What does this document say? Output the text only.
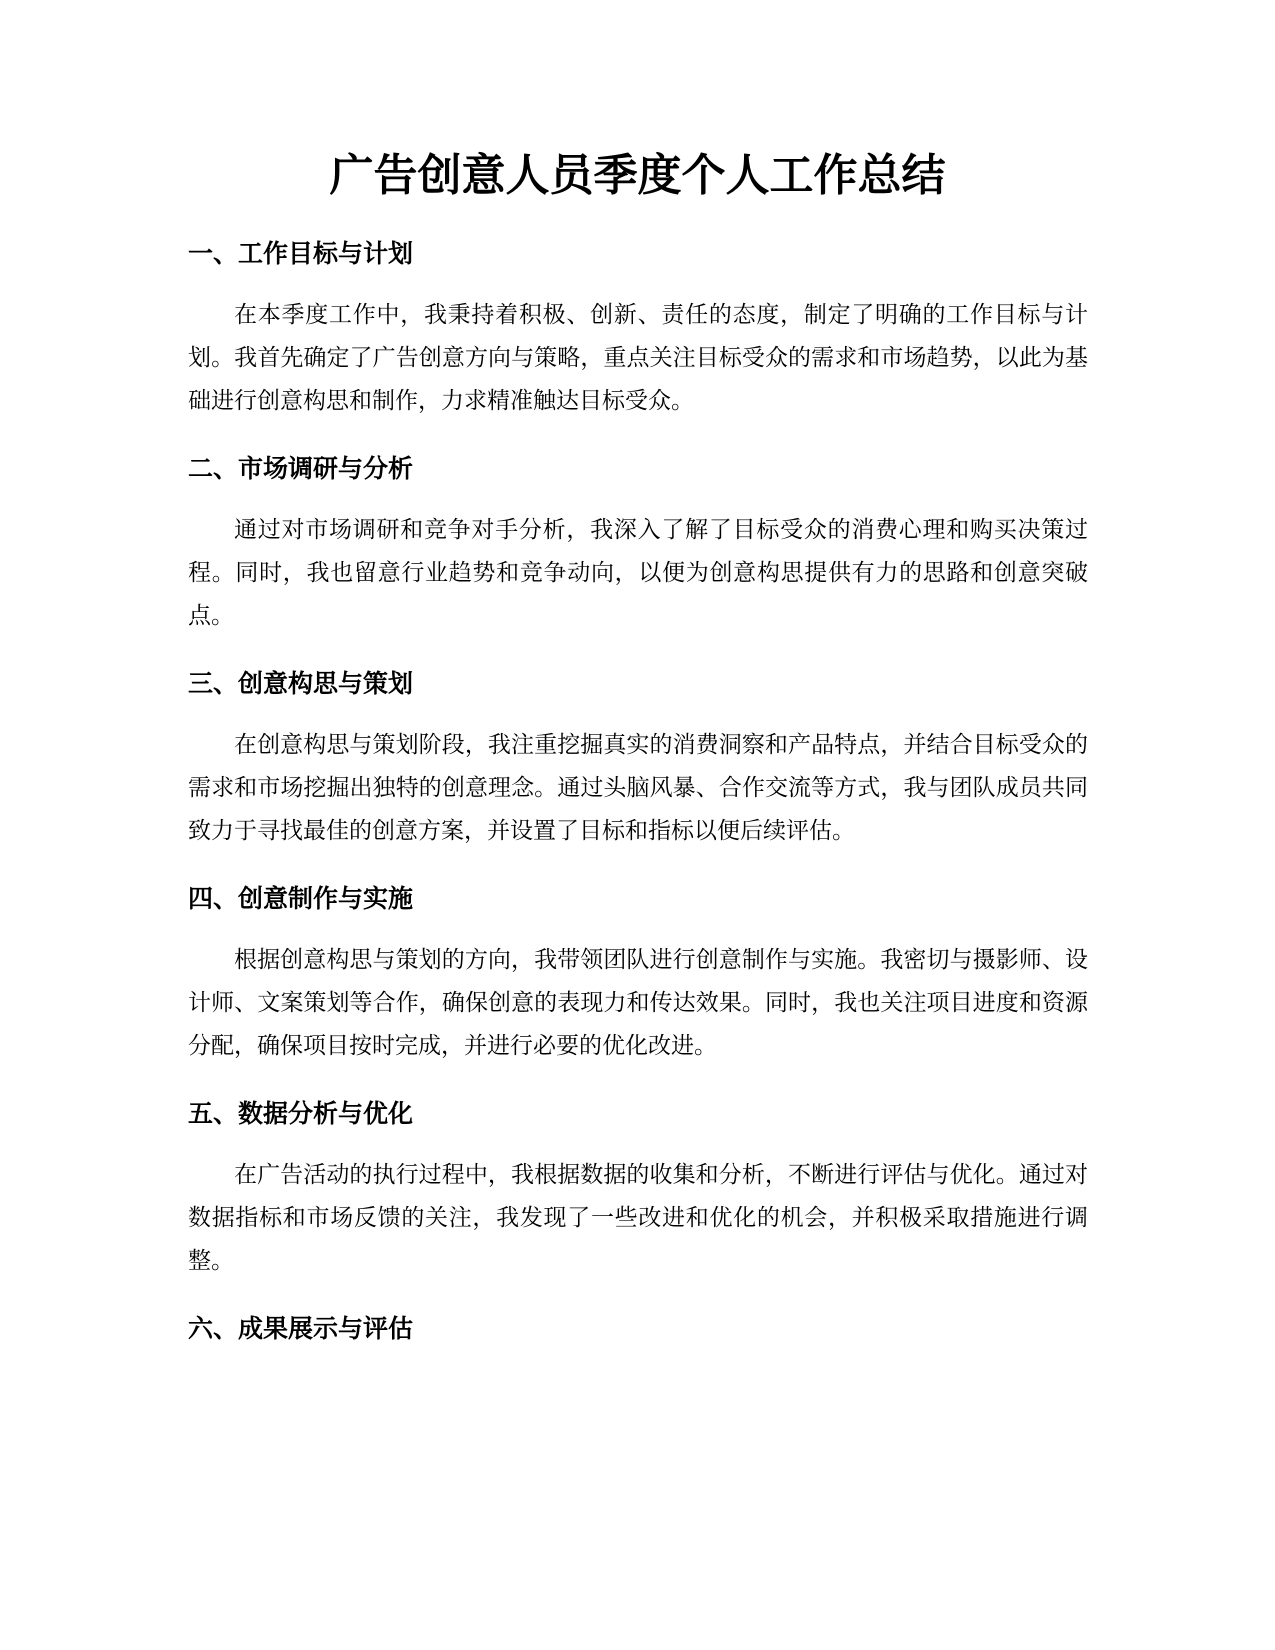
广告创意人员季度个人工作总结
一、工作目标与计划

在本季度工作中，我秉持着积极、创新、责任的态度，制定了明确的工作目标与计划。我首先确定了广告创意方向与策略，重点关注目标受众的需求和市场趋势，以此为基础进行创意构思和制作，力求精准触达目标受众。

二、市场调研与分析

通过对市场调研和竞争对手分析，我深入了解了目标受众的消费心理和购买决策过程。同时，我也留意行业趋势和竞争动向，以便为创意构思提供有力的思路和创意突破点。

三、创意构思与策划

在创意构思与策划阶段，我注重挖掘真实的消费洞察和产品特点，并结合目标受众的需求和市场挖掘出独特的创意理念。通过头脑风暴、合作交流等方式，我与团队成员共同致力于寻找最佳的创意方案，并设置了目标和指标以便后续评估。

四、创意制作与实施

根据创意构思与策划的方向，我带领团队进行创意制作与实施。我密切与摄影师、设计师、文案策划等合作，确保创意的表现力和传达效果。同时，我也关注项目进度和资源分配，确保项目按时完成，并进行必要的优化改进。

五、数据分析与优化

在广告活动的执行过程中，我根据数据的收集和分析，不断进行评估与优化。通过对数据指标和市场反馈的关注，我发现了一些改进和优化的机会，并积极采取措施进行调整。

六、成果展示与评估
